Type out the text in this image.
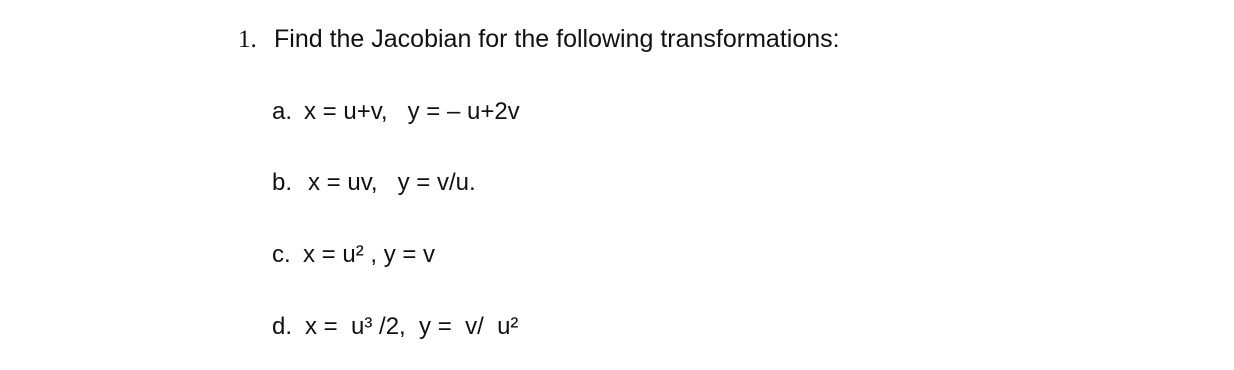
1. Find the Jacobian for the following transformations:
a. x = u+v,   y = – u+2v
b. x = uv,   y = v/u.
c. x = u² , y = v
d. x =  u³ /2,  y =  v/  u²
